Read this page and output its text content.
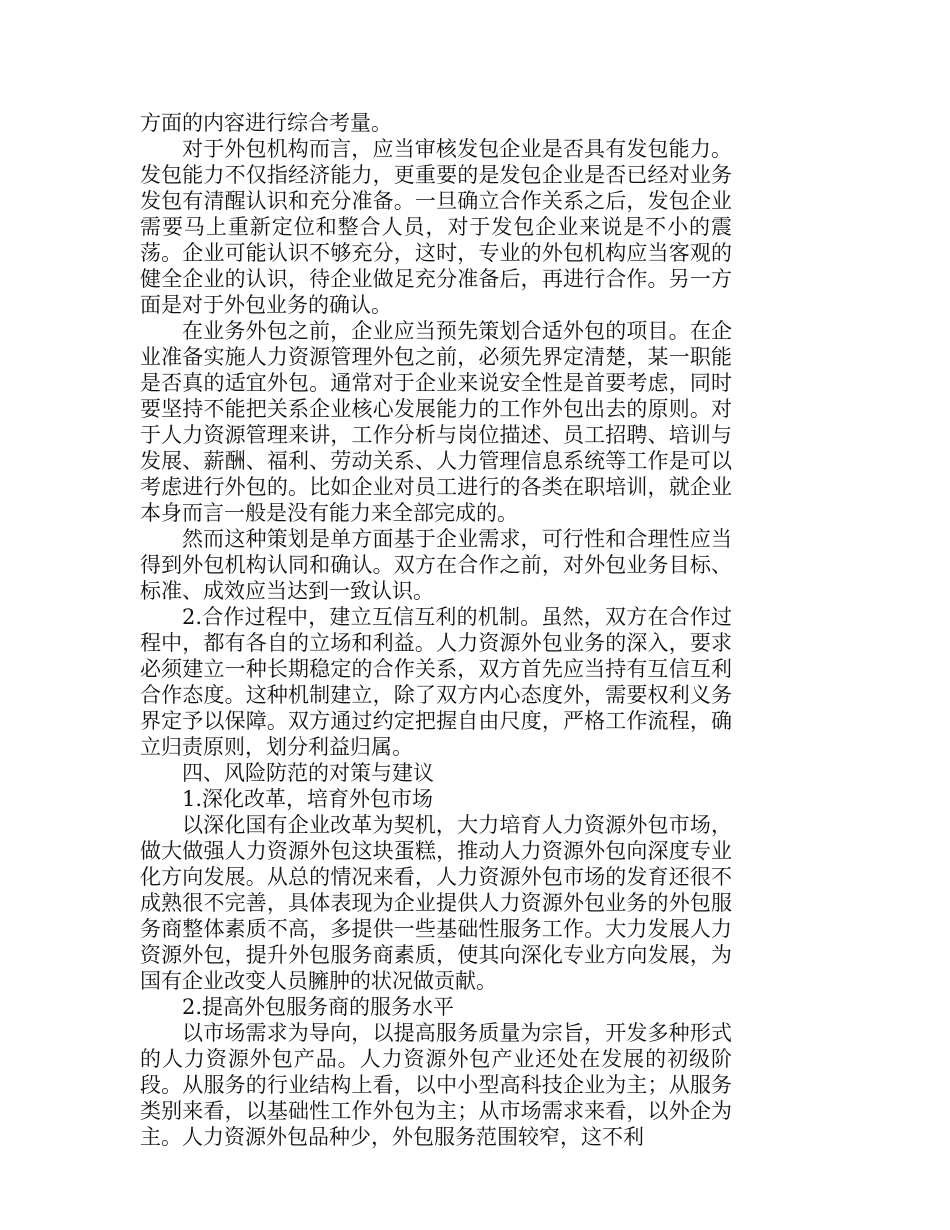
方面的内容进行综合考量。

对于外包机构而言，应当审核发包企业是否具有发包能力。发包能力不仅指经济能力，更重要的是发包企业是否已经对业务发包有清醒认识和充分准备。一旦确立合作关系之后，发包企业需要马上重新定位和整合人员，对于发包企业来说是不小的震荡。企业可能认识不够充分，这时，专业的外包机构应当客观的健全企业的认识，待企业做足充分准备后，再进行合作。另一方面是对于外包业务的确认。

在业务外包之前，企业应当预先策划合适外包的项目。在企业准备实施人力资源管理外包之前，必须先界定清楚，某一职能是否真的适宜外包。通常对于企业来说安全性是首要考虑，同时要坚持不能把关系企业核心发展能力的工作外包出去的原则。对于人力资源管理来讲，工作分析与岗位描述、员工招聘、培训与发展、薪酬、福利、劳动关系、人力管理信息系统等工作是可以考虑进行外包的。比如企业对员工进行的各类在职培训，就企业本身而言一般是没有能力来全部完成的。

然而这种策划是单方面基于企业需求，可行性和合理性应当得到外包机构认同和确认。双方在合作之前，对外包业务目标、标准、成效应当达到一致认识。

2.合作过程中，建立互信互利的机制。虽然，双方在合作过程中，都有各自的立场和利益。人力资源外包业务的深入，要求必须建立一种长期稳定的合作关系，双方首先应当持有互信互利合作态度。这种机制建立，除了双方内心态度外，需要权利义务界定予以保障。双方通过约定把握自由尺度，严格工作流程，确立归责原则，划分利益归属。

四、风险防范的对策与建议

1.深化改革，培育外包市场

以深化国有企业改革为契机，大力培育人力资源外包市场，做大做强人力资源外包这块蛋糕，推动人力资源外包向深度专业化方向发展。从总的情况来看，人力资源外包市场的发育还很不成熟很不完善，具体表现为企业提供人力资源外包业务的外包服务商整体素质不高，多提供一些基础性服务工作。大力发展人力资源外包，提升外包服务商素质，使其向深化专业方向发展，为国有企业改变人员臃肿的状况做贡献。

2.提高外包服务商的服务水平

以市场需求为导向，以提高服务质量为宗旨，开发多种形式的人力资源外包产品。人力资源外包产业还处在发展的初级阶段。从服务的行业结构上看，以中小型高科技企业为主；从服务类别来看，以基础性工作外包为主；从市场需求来看，以外企为主。人力资源外包品种少，外包服务范围较窄，这不利
